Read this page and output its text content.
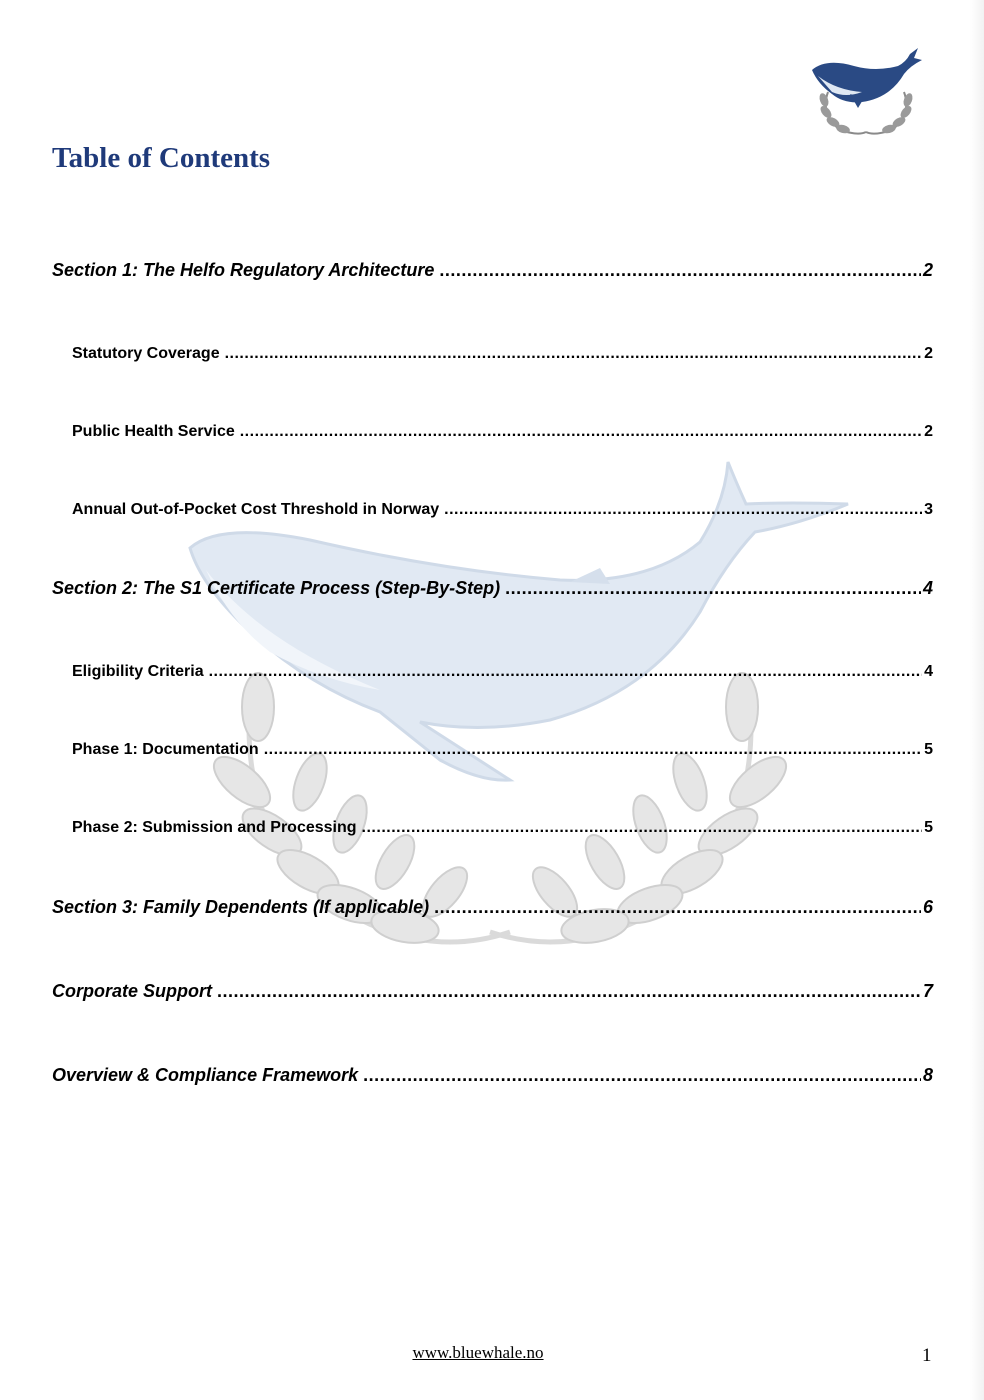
Table of Contents
Section 1: The Helfo Regulatory Architecture .....	2
Statutory Coverage .....	2
Public Health Service .....	2
Annual Out-of-Pocket Cost Threshold in Norway .....	3
Section 2: The S1 Certificate Process (Step-By-Step) .....	4
Eligibility Criteria .....	4
Phase 1: Documentation .....	5
Phase 2: Submission and Processing .....	5
Section 3: Family Dependents (If applicable) .....	6
Corporate Support .....	7
Overview & Compliance Framework .....	8
www.bluewhale.no	1
